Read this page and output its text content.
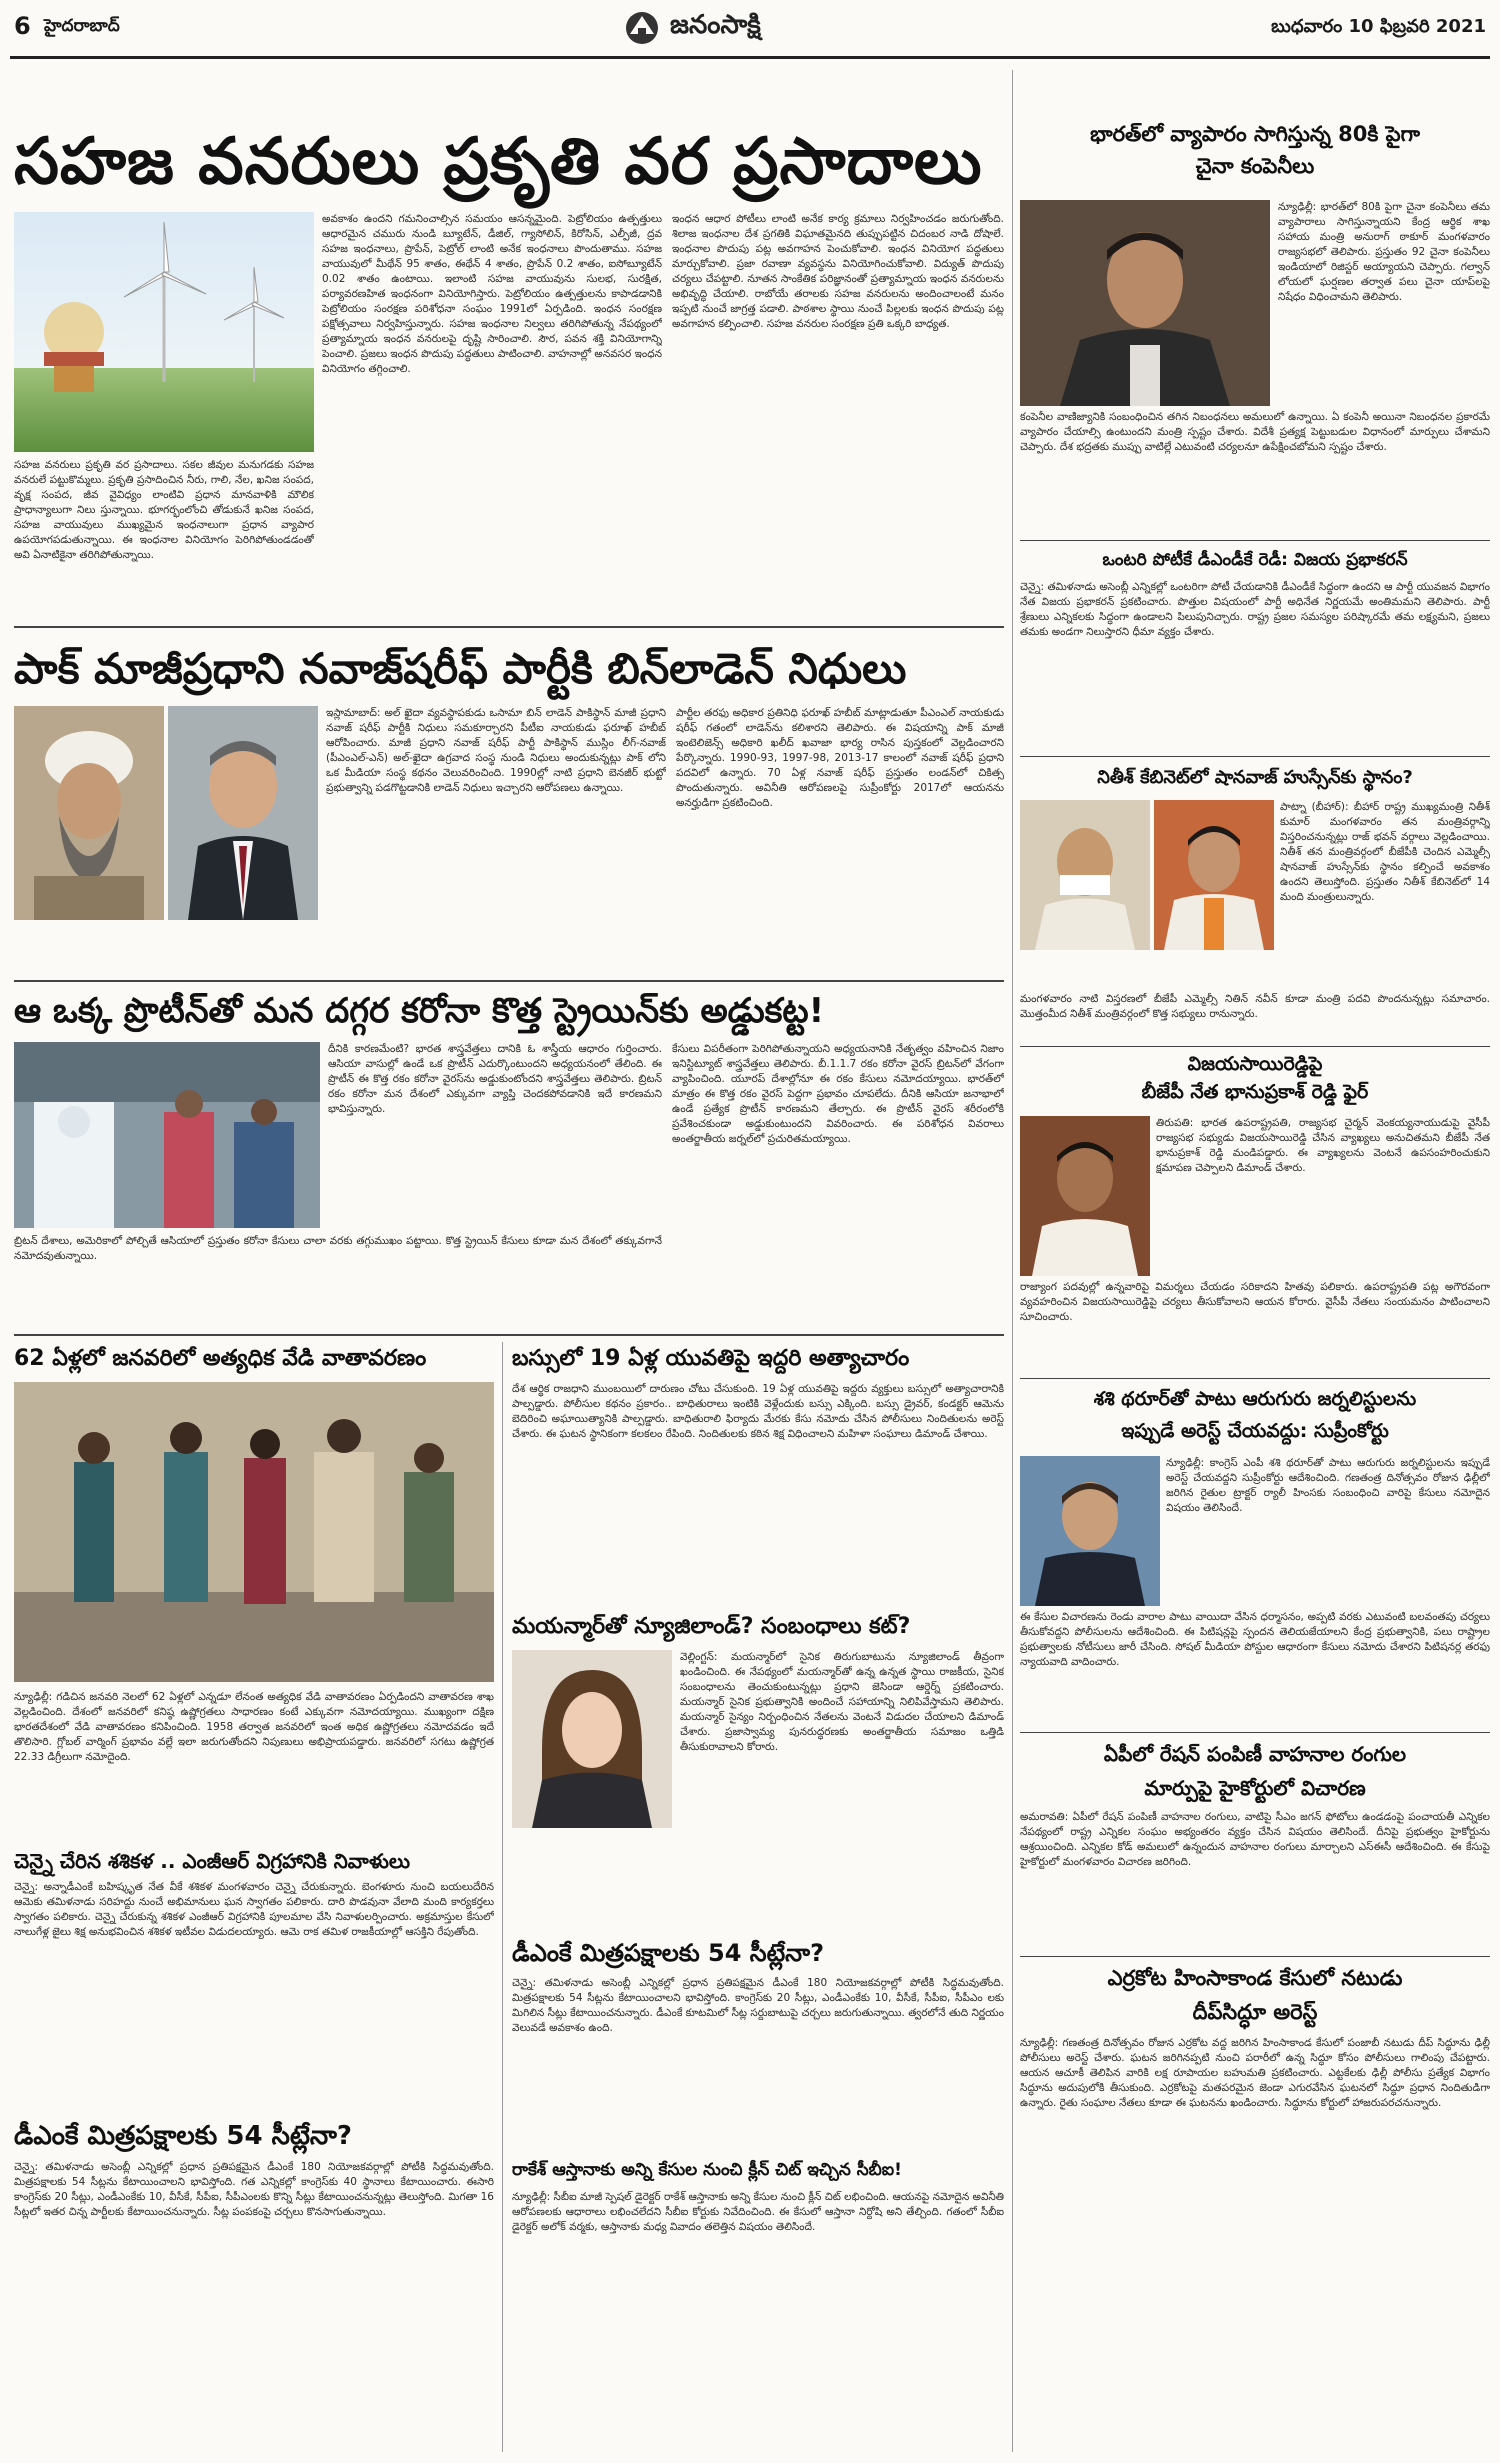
6 హైదరాబాద్	జనంసాక్షి	బుధవారం 10 ఫిబ్రవరి 2021
సహజ వనరులు ప్రకృతి వర ప్రసాదాలు
సహజ వనరులు ప్రకృతి వర ప్రసాదాలు. సకల జీవుల మనుగడకు సహజ వనరులే పట్టుకొమ్మలు. ప్రకృతి ప్రసాదించిన నీరు, గాలి, నేల, ఖనిజ సంపద, వృక్ష సంపద, జీవ వైవిధ్యం లాంటివి ప్రధాన మానవాళికి మౌలిక ప్రాధాన్యాలుగా నిలు స్తున్నాయి. భూగర్భంలోంచి తోడుకునే ఖనిజ సంపద, సహజ వాయువులు ముఖ్యమైన ఇంధనాలుగా ప్రధాన వ్యాపార ఉపయోగపడుతున్నాయి. ఈ ఇంధనాల వినియోగం పెరిగిపోతుండడంతో అవి ఏనాటికైనా తరిగిపోతున్నాయి.
అవకాశం ఉందని గమనించాల్సిన సమయం ఆసన్నమైంది. పెట్రోలియం ఉత్పత్తులు ఆధారమైన చమురు నుండి బ్యూటేన్, డీజిల్, గ్యాసోలిన్, కిరోసిన్, ఎల్పీజీ, ద్రవ సహజ ఇంధనాలు, ప్రొపేన్, పెట్రోల్ లాంటి అనేక ఇంధనాలు పొందుతాము. సహజ వాయువులో మీథేన్ 95 శాతం, ఈథేన్ 4 శాతం, ప్రొపేన్ 0.2 శాతం, ఐసోబ్యూటేన్ 0.02 శాతం ఉంటాయి. ఇలాంటి సహజ వాయువును సులభ, సురక్షిత, పర్యావరణహిత ఇంధనంగా వినియోగిస్తారు. పెట్రోలియం ఉత్పత్తులను కాపాడడానికి పెట్రోలియం సంరక్షణ పరిశోధనా సంఘం 1991లో ఏర్పడింది. ఇంధన సంరక్షణ పక్షోత్సవాలు నిర్వహిస్తున్నారు. సహజ ఇంధనాల నిల్వలు తరిగిపోతున్న నేపథ్యంలో ప్రత్యామ్నాయ ఇంధన వనరులపై దృష్టి సారించాలి. సౌర, పవన శక్తి వినియోగాన్ని పెంచాలి. ప్రజలు ఇంధన పొదుపు పద్ధతులు పాటించాలి. వాహనాల్లో అనవసర ఇంధన వినియోగం తగ్గించాలి.
ఇంధన ఆధార పోటీలు లాంటి అనేక కార్య క్రమాలు నిర్వహించడం జరుగుతోంది. శిలాజ ఇంధనాల దేశ ప్రగతికి విఘాతమైనది తుప్పుపట్టిన చిదంబర నాడి దోషాలే. ఇంధనాల పొదుపు పట్ల అవగాహన పెంచుకోవాలి. ఇంధన వినియోగ పద్ధతులు మార్చుకోవాలి. ప్రజా రవాణా వ్యవస్థను వినియోగించుకోవాలి. విద్యుత్ పొదుపు చర్యలు చేపట్టాలి. నూతన సాంకేతిక పరిజ్ఞానంతో ప్రత్యామ్నాయ ఇంధన వనరులను అభివృద్ధి చేయాలి. రాబోయే తరాలకు సహజ వనరులను అందించాలంటే మనం ఇప్పటి నుంచే జాగ్రత్త పడాలి. పాఠశాల స్థాయి నుంచే పిల్లలకు ఇంధన పొదుపు పట్ల అవగాహన కల్పించాలి. సహజ వనరుల సంరక్షణ ప్రతి ఒక్కరి బాధ్యత.
పాక్ మాజీప్రధాని నవాజ్‌షరీఫ్ పార్టీకి బిన్‌లాడెన్ నిధులు
ఇస్లామాబాద్: అల్ ఖైదా వ్యవస్థాపకుడు ఒసామా బిన్ లాడెన్ పాకిస్థాన్ మాజీ ప్రధాని నవాజ్ షరీఫ్ పార్టీకి నిధులు సమకూర్చారని పీటీఐ నాయకుడు ఫరూఖ్ హబీబ్ ఆరోపించారు. మాజీ ప్రధాని నవాజ్ షరీఫ్ పార్టీ పాకిస్థాన్ ముస్లిం లీగ్-నవాజ్ (పీఎంఎల్-ఎన్) అల్-ఖైదా ఉగ్రవాద సంస్థ నుండి నిధులు అందుకున్నట్లు పాక్ లోని ఒక మీడియా సంస్థ కథనం వెలువరించింది. 1990ల్లో నాటి ప్రధాని బెనజీర్ భుట్టో ప్రభుత్వాన్ని పడగొట్టడానికి లాడెన్ నిధులు ఇచ్చారని ఆరోపణలు ఉన్నాయి.
పార్టీల తరఫు అధికార ప్రతినిధి ఫరూఖ్ హబీబ్ మాట్లాడుతూ పీఎంఎల్ నాయకుడు షరీఫ్ గతంలో లాడెన్‌ను కలిశారని తెలిపారు. ఈ విషయాన్ని పాక్ మాజీ ఇంటెలిజెన్స్ అధికారి ఖలీద్ ఖవాజా భార్య రాసిన పుస్తకంలో వెల్లడించారని పేర్కొన్నారు. 1990-93, 1997-98, 2013-17 కాలంలో నవాజ్ షరీఫ్ ప్రధాని పదవిలో ఉన్నారు. 70 ఏళ్ల నవాజ్ షరీఫ్ ప్రస్తుతం లండన్‌లో చికిత్స పొందుతున్నారు. అవినీతి ఆరోపణలపై సుప్రీంకోర్టు 2017లో ఆయనను అనర్హుడిగా ప్రకటించింది.
ఆ ఒక్క ప్రొటీన్‌తో మన దగ్గర కరోనా కొత్త స్ట్రెయిన్‌కు అడ్డుకట్ట!
దీనికి కారణమేంటి? భారత శాస్త్రవేత్తలు దానికి ఓ శాస్త్రీయ ఆధారం గుర్తించారు. ఆసియా వాసుల్లో ఉండే ఒక ప్రొటీన్ ఎదుర్కొంటుందని అధ్యయనంలో తేలింది. ఈ ప్రొటీన్ ఈ కొత్త రకం కరోనా వైరస్‌ను అడ్డుకుంటోందని శాస్త్రవేత్తలు తెలిపారు. బ్రిటన్ రకం కరోనా మన దేశంలో ఎక్కువగా వ్యాప్తి చెందకపోవడానికి ఇదే కారణమని భావిస్తున్నారు.
బ్రిటన్ దేశాలు, అమెరికాలో పోల్చితే ఆసియాలో ప్రస్తుతం కరోనా కేసులు చాలా వరకు తగ్గుముఖం పట్టాయి. కొత్త స్ట్రెయిన్ కేసులు కూడా మన దేశంలో తక్కువగానే నమోదవుతున్నాయి.
కేసులు విపరీతంగా పెరిగిపోతున్నాయని అధ్యయనానికి నేతృత్వం వహించిన నిజాం ఇనిస్టిట్యూట్ శాస్త్రవేత్తలు తెలిపారు. బీ.1.1.7 రకం కరోనా వైరస్ బ్రిటన్‌లో వేగంగా వ్యాపించింది. యూరప్ దేశాల్లోనూ ఈ రకం కేసులు నమోదయ్యాయి. భారత్‌లో మాత్రం ఈ కొత్త రకం వైరస్ పెద్దగా ప్రభావం చూపలేదు. దీనికి ఆసియా జనాభాలో ఉండే ప్రత్యేక ప్రొటీన్ కారణమని తేల్చారు. ఈ ప్రొటీన్ వైరస్ శరీరంలోకి ప్రవేశించకుండా అడ్డుకుంటుందని వివరించారు. ఈ పరిశోధన వివరాలు అంతర్జాతీయ జర్నల్‌లో ప్రచురితమయ్యాయి.
62 ఏళ్లలో జనవరిలో అత్యధిక వేడి వాతావరణం
న్యూఢిల్లీ: గడిచిన జనవరి నెలలో 62 ఏళ్లలో ఎన్నడూ లేనంత అత్యధిక వేడి వాతావరణం ఏర్పడిందని వాతావరణ శాఖ వెల్లడించింది. దేశంలో జనవరిలో కనిష్ఠ ఉష్ణోగ్రతలు సాధారణం కంటే ఎక్కువగా నమోదయ్యాయి. ముఖ్యంగా దక్షిణ భారతదేశంలో వేడి వాతావరణం కనిపించింది. 1958 తర్వాత జనవరిలో ఇంత అధిక ఉష్ణోగ్రతలు నమోదవడం ఇదే తొలిసారి. గ్లోబల్ వార్మింగ్ ప్రభావం వల్లే ఇలా జరుగుతోందని నిపుణులు అభిప్రాయపడ్డారు. జనవరిలో సగటు ఉష్ణోగ్రత 22.33 డిగ్రీలుగా నమోదైంది.
చెన్నై చేరిన శశికళ .. ఎంజీఆర్ విగ్రహానికి నివాళులు
చెన్నై: అన్నాడీఎంకే బహిష్కృత నేత వీకే శశికళ మంగళవారం చెన్నై చేరుకున్నారు. బెంగళూరు నుంచి బయలుదేరిన ఆమెకు తమిళనాడు సరిహద్దు నుంచే అభిమానులు ఘన స్వాగతం పలికారు. దారి పొడవునా వేలాది మంది కార్యకర్తలు స్వాగతం పలికారు. చెన్నై చేరుకున్న శశికళ ఎంజీఆర్ విగ్రహానికి పూలమాల వేసి నివాళులర్పించారు. అక్రమాస్తుల కేసులో నాలుగేళ్ల జైలు శిక్ష అనుభవించిన శశికళ ఇటీవల విడుదలయ్యారు. ఆమె రాక తమిళ రాజకీయాల్లో ఆసక్తిని రేపుతోంది.
డీఎంకే మిత్రపక్షాలకు 54 సీట్లేనా?
చెన్నై: తమిళనాడు అసెంబ్లీ ఎన్నికల్లో ప్రధాన ప్రతిపక్షమైన డీఎంకే 180 నియోజకవర్గాల్లో పోటీకి సిద్ధమవుతోంది. మిత్రపక్షాలకు 54 సీట్లను కేటాయించాలని భావిస్తోంది. గత ఎన్నికల్లో కాంగ్రెస్‌కు 40 స్థానాలు కేటాయించారు. ఈసారి కాంగ్రెస్‌కు 20 సీట్లు, ఎండీఎంకేకు 10, వీసీకే, సీపీఐ, సీపీఎంలకు కొన్ని సీట్లు కేటాయించనున్నట్లు తెలుస్తోంది. మిగతా 16 సీట్లలో ఇతర చిన్న పార్టీలకు కేటాయించనున్నారు. సీట్ల పంపకంపై చర్చలు కొనసాగుతున్నాయి.
బస్సులో 19 ఏళ్ల యువతిపై ఇద్దరి అత్యాచారం
దేశ ఆర్థిక రాజధాని ముంబయిలో దారుణం చోటు చేసుకుంది. 19 ఏళ్ల యువతిపై ఇద్దరు వ్యక్తులు బస్సులో అత్యాచారానికి పాల్పడ్డారు. పోలీసుల కథనం ప్రకారం.. బాధితురాలు ఇంటికి వెళ్లేందుకు బస్సు ఎక్కింది. బస్సు డ్రైవర్, కండక్టర్ ఆమెను బెదిరించి అఘాయిత్యానికి పాల్పడ్డారు. బాధితురాలి ఫిర్యాదు మేరకు కేసు నమోదు చేసిన పోలీసులు నిందితులను అరెస్ట్ చేశారు. ఈ ఘటన స్థానికంగా కలకలం రేపింది. నిందితులకు కఠిన శిక్ష విధించాలని మహిళా సంఘాలు డిమాండ్ చేశాయి.
మయన్మార్‌తో న్యూజిలాండ్? సంబంధాలు కట్?
వెల్లింగ్టన్: మయన్మార్‌లో సైనిక తిరుగుబాటును న్యూజిలాండ్ తీవ్రంగా ఖండించింది. ఈ నేపథ్యంలో మయన్మార్‌తో ఉన్న ఉన్నత స్థాయి రాజకీయ, సైనిక సంబంధాలను తెంచుకుంటున్నట్లు ప్రధాని జెసిండా ఆర్డెర్న్ ప్రకటించారు. మయన్మార్ సైనిక ప్రభుత్వానికి అందించే సహాయాన్ని నిలిపివేస్తామని తెలిపారు. మయన్మార్ సైన్యం నిర్బంధించిన నేతలను వెంటనే విడుదల చేయాలని డిమాండ్ చేశారు. ప్రజాస్వామ్య పునరుద్ధరణకు అంతర్జాతీయ సమాజం ఒత్తిడి తీసుకురావాలని కోరారు.
డీఎంకే మిత్రపక్షాలకు 54 సీట్లేనా?
చెన్నై: తమిళనాడు అసెంబ్లీ ఎన్నికల్లో ప్రధాన ప్రతిపక్షమైన డీఎంకే 180 నియోజకవర్గాల్లో పోటీకి సిద్ధమవుతోంది. మిత్రపక్షాలకు 54 సీట్లను కేటాయించాలని భావిస్తోంది. కాంగ్రెస్‌కు 20 సీట్లు, ఎండీఎంకేకు 10, వీసీకే, సీపీఐ, సీపీఎం లకు మిగిలిన సీట్లు కేటాయించనున్నారు. డీఎంకే కూటమిలో సీట్ల సర్దుబాటుపై చర్చలు జరుగుతున్నాయి. త్వరలోనే తుది నిర్ణయం వెలువడే అవకాశం ఉంది.
రాకేశ్ ఆస్తానాకు అన్ని కేసుల నుంచి క్లీన్ చిట్ ఇచ్చిన సీబీఐ!
న్యూఢిల్లీ: సీబీఐ మాజీ స్పెషల్ డైరెక్టర్ రాకేశ్ ఆస్తానాకు అన్ని కేసుల నుంచి క్లీన్ చిట్ లభించింది. ఆయనపై నమోదైన అవినీతి ఆరోపణలకు ఆధారాలు లభించలేదని సీబీఐ కోర్టుకు నివేదించింది. ఈ కేసులో ఆస్తానా నిర్దోషి అని తేల్చింది. గతంలో సీబీఐ డైరెక్టర్ అలోక్ వర్మకు, ఆస్తానాకు మధ్య వివాదం తలెత్తిన విషయం తెలిసిందే.
భారత్‌లో వ్యాపారం సాగిస్తున్న 80కి పైగా
చైనా కంపెనీలు
న్యూఢిల్లీ: భారత్‌లో 80కి పైగా చైనా కంపెనీలు తమ వ్యాపారాలు సాగిస్తున్నాయని కేంద్ర ఆర్థిక శాఖ సహాయ మంత్రి అనురాగ్ ఠాకూర్ మంగళవారం రాజ్యసభలో తెలిపారు. ప్రస్తుతం 92 చైనా కంపెనీలు ఇండియాలో రిజిస్టర్ అయ్యాయని చెప్పారు. గల్వాన్ లోయలో ఘర్షణల తర్వాత పలు చైనా యాప్‌లపై నిషేధం విధించామని తెలిపారు.
కంపెనీల వాణిజ్యానికి సంబంధించిన తగిన నిబంధనలు అమలులో ఉన్నాయి. ఏ కంపెనీ అయినా నిబంధనల ప్రకారమే వ్యాపారం చేయాల్సి ఉంటుందని మంత్రి స్పష్టం చేశారు. విదేశీ ప్రత్యక్ష పెట్టుబడుల విధానంలో మార్పులు చేశామని చెప్పారు. దేశ భద్రతకు ముప్పు వాటిల్లే ఎటువంటి చర్యలనూ ఉపేక్షించబోమని స్పష్టం చేశారు.
ఒంటరి పోటీకే డీఎండీకే రెడీ: విజయ ప్రభాకరన్
చెన్నై: తమిళనాడు అసెంబ్లీ ఎన్నికల్లో ఒంటరిగా పోటీ చేయడానికి డీఎండీకే సిద్ధంగా ఉందని ఆ పార్టీ యువజన విభాగం నేత విజయ ప్రభాకరన్ ప్రకటించారు. పొత్తుల విషయంలో పార్టీ అధినేత నిర్ణయమే అంతిమమని తెలిపారు. పార్టీ శ్రేణులు ఎన్నికలకు సిద్ధంగా ఉండాలని పిలుపునిచ్చారు. రాష్ట్ర ప్రజల సమస్యల పరిష్కారమే తమ లక్ష్యమని, ప్రజలు తమకు అండగా నిలుస్తారని ధీమా వ్యక్తం చేశారు.
నితీశ్ కేబినెట్‌లో షానవాజ్ హుస్సేన్‌కు స్థానం?
పాట్నా (బీహార్): బీహార్ రాష్ట్ర ముఖ్యమంత్రి నితీశ్ కుమార్ మంగళవారం తన మంత్రివర్గాన్ని విస్తరించనున్నట్లు రాజ్ భవన్ వర్గాలు వెల్లడించాయి. నితీశ్ తన మంత్రివర్గంలో బీజేపీకి చెందిన ఎమ్మెల్సీ షానవాజ్ హుస్సేన్‌కు స్థానం కల్పించే అవకాశం ఉందని తెలుస్తోంది. ప్రస్తుతం నితీశ్ కేబినెట్‌లో 14 మంది మంత్రులున్నారు.
మంగళవారం నాటి విస్తరణలో బీజేపీ ఎమ్మెల్సీ నితిన్ నవీన్ కూడా మంత్రి పదవి పొందనున్నట్లు సమాచారం. మొత్తంమీద నితీశ్ మంత్రివర్గంలో కొత్త సభ్యులు రానున్నారు.
విజయసాయిరెడ్డిపై
బీజేపీ నేత భానుప్రకాశ్ రెడ్డి ఫైర్
తిరుపతి: భారత ఉపరాష్ట్రపతి, రాజ్యసభ చైర్మన్ వెంకయ్యనాయుడుపై వైసీపీ రాజ్యసభ సభ్యుడు విజయసాయిరెడ్డి చేసిన వ్యాఖ్యలు అనుచితమని బీజేపీ నేత భానుప్రకాశ్ రెడ్డి మండిపడ్డారు. ఈ వ్యాఖ్యలను వెంటనే ఉపసంహరించుకుని క్షమాపణ చెప్పాలని డిమాండ్ చేశారు.
రాజ్యాంగ పదవుల్లో ఉన్నవారిపై విమర్శలు చేయడం సరికాదని హితవు పలికారు. ఉపరాష్ట్రపతి పట్ల అగౌరవంగా వ్యవహరించిన విజయసాయిరెడ్డిపై చర్యలు తీసుకోవాలని ఆయన కోరారు. వైసీపీ నేతలు సంయమనం పాటించాలని సూచించారు.
శశి థరూర్‌తో పాటు ఆరుగురు జర్నలిస్టులను
ఇప్పుడే అరెస్ట్ చేయవద్దు: సుప్రీంకోర్టు
న్యూఢిల్లీ: కాంగ్రెస్ ఎంపీ శశి థరూర్‌తో పాటు ఆరుగురు జర్నలిస్టులను ఇప్పుడే అరెస్ట్ చేయవద్దని సుప్రీంకోర్టు ఆదేశించింది. గణతంత్ర దినోత్సవం రోజున ఢిల్లీలో జరిగిన రైతుల ట్రాక్టర్ ర్యాలీ హింసకు సంబంధించి వారిపై కేసులు నమోదైన విషయం తెలిసిందే.
ఈ కేసుల విచారణను రెండు వారాల పాటు వాయిదా వేసిన ధర్మాసనం, అప్పటి వరకు ఎటువంటి బలవంతపు చర్యలు తీసుకోవద్దని పోలీసులను ఆదేశించింది. ఈ పిటిషన్లపై స్పందన తెలియజేయాలని కేంద్ర ప్రభుత్వానికి, పలు రాష్ట్రాల ప్రభుత్వాలకు నోటీసులు జారీ చేసింది. సోషల్ మీడియా పోస్టుల ఆధారంగా కేసులు నమోదు చేశారని పిటిషనర్ల తరఫు న్యాయవాది వాదించారు.
ఏపీలో రేషన్ పంపిణీ వాహనాల రంగుల
మార్పుపై హైకోర్టులో విచారణ
అమరావతి: ఏపీలో రేషన్ పంపిణీ వాహనాల రంగులు, వాటిపై సీఎం జగన్ ఫోటోలు ఉండడంపై పంచాయతీ ఎన్నికల నేపథ్యంలో రాష్ట్ర ఎన్నికల సంఘం అభ్యంతరం వ్యక్తం చేసిన విషయం తెలిసిందే. దీనిపై ప్రభుత్వం హైకోర్టును ఆశ్రయించింది. ఎన్నికల కోడ్ అమలులో ఉన్నందున వాహనాల రంగులు మార్చాలని ఎస్ఈసీ ఆదేశించింది. ఈ కేసుపై హైకోర్టులో మంగళవారం విచారణ జరిగింది.
ఎర్రకోట హింసాకాండ కేసులో నటుడు
దీప్‌సిద్ధూ అరెస్ట్
న్యూఢిల్లీ: గణతంత్ర దినోత్సవం రోజున ఎర్రకోట వద్ద జరిగిన హింసాకాండ కేసులో పంజాబీ నటుడు దీప్ సిద్ధూను ఢిల్లీ పోలీసులు అరెస్ట్ చేశారు. ఘటన జరిగినప్పటి నుంచి పరారీలో ఉన్న సిద్ధూ కోసం పోలీసులు గాలింపు చేపట్టారు. ఆయన ఆచూకీ తెలిపిన వారికి లక్ష రూపాయల బహుమతి ప్రకటించారు. ఎట్టకేలకు ఢిల్లీ పోలీసు ప్రత్యేక విభాగం సిద్ధూను అదుపులోకి తీసుకుంది. ఎర్రకోటపై మతపరమైన జెండా ఎగురవేసిన ఘటనలో సిద్ధూ ప్రధాన నిందితుడిగా ఉన్నారు. రైతు సంఘాల నేతలు కూడా ఈ ఘటనను ఖండించారు. సిద్ధూను కోర్టులో హాజరుపరచనున్నారు.
